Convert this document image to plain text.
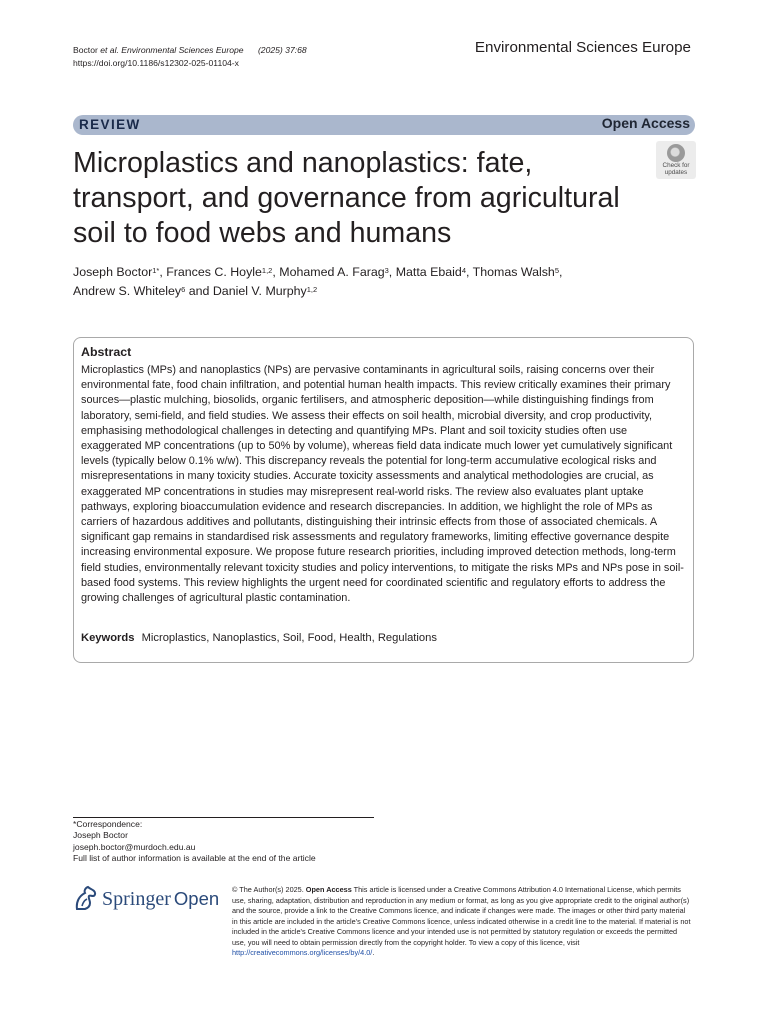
Boctor et al. Environmental Sciences Europe (2025) 37:68
https://doi.org/10.1186/s12302-025-01104-x
Environmental Sciences Europe
REVIEW	Open Access
Check for
updates
Microplastics and nanoplastics: fate, transport, and governance from agricultural soil to food webs and humans
Joseph Boctor$^{1*}$, Frances C. Hoyle$^{1,2}$, Mohamed A. Farag$^3$, Matta Ebaid$^4$, Thomas Walsh$^5$,
Andrew S. Whiteley$^6$ and Daniel V. Murphy$^{1,2}$
Abstract
Microplastics (MPs) and nanoplastics (NPs) are pervasive contaminants in agricultural soils, raising concerns over their environmental fate, food chain infiltration, and potential human health impacts. This review critically examines their primary sources—plastic mulching, biosolids, organic fertilisers, and atmospheric deposition—while distinguishing findings from laboratory, semi-field, and field studies. We assess their effects on soil health, microbial diversity, and crop productivity, emphasising methodological challenges in detecting and quantifying MPs. Plant and soil toxicity studies often use exaggerated MP concentrations (up to 50% by volume), whereas field data indicate much lower yet cumulatively significant levels (typically below 0.1% w/w). This discrepancy reveals the potential for long-term accumulative ecological risks and misrepresentations in many toxicity studies. Accurate toxicity assessments and analytical methodologies are crucial, as exaggerated MP concentrations in studies may misrepresent real-world risks. The review also evaluates plant uptake pathways, exploring bioaccumulation evidence and research discrepancies. In addition, we highlight the role of MPs as carriers of hazardous additives and pollutants, distinguishing their intrinsic effects from those of associated chemicals. A significant gap remains in standardised risk assessments and regulatory frameworks, limiting effective governance despite increasing environmental exposure. We propose future research priorities, including improved detection methods, long-term field studies, environmentally relevant toxicity studies and policy interventions, to mitigate the risks MPs and NPs pose in soil-based food systems. This review highlights the urgent need for coordinated scientific and regulatory efforts to address the growing challenges of agricultural plastic contamination.
Keywords Microplastics, Nanoplastics, Soil, Food, Health, Regulations
*Correspondence:
Joseph Boctor
joseph.boctor@murdoch.edu.au
Full list of author information is available at the end of the article
Springer Open © The Author(s) 2025. Open Access This article is licensed under a Creative Commons Attribution 4.0 International License, which permits use, sharing, adaptation, distribution and reproduction in any medium or format, as long as you give appropriate credit to the original author(s) and the source, provide a link to the Creative Commons licence, and indicate if changes were made. The images or other third party material in this article are included in the article's Creative Commons licence, unless indicated otherwise in a credit line to the material. If material is not included in the article's Creative Commons licence and your intended use is not permitted by statutory regulation or exceeds the permitted use, you will need to obtain permission directly from the copyright holder. To view a copy of this licence, visit http://creativecommons.org/licenses/by/4.0/.
